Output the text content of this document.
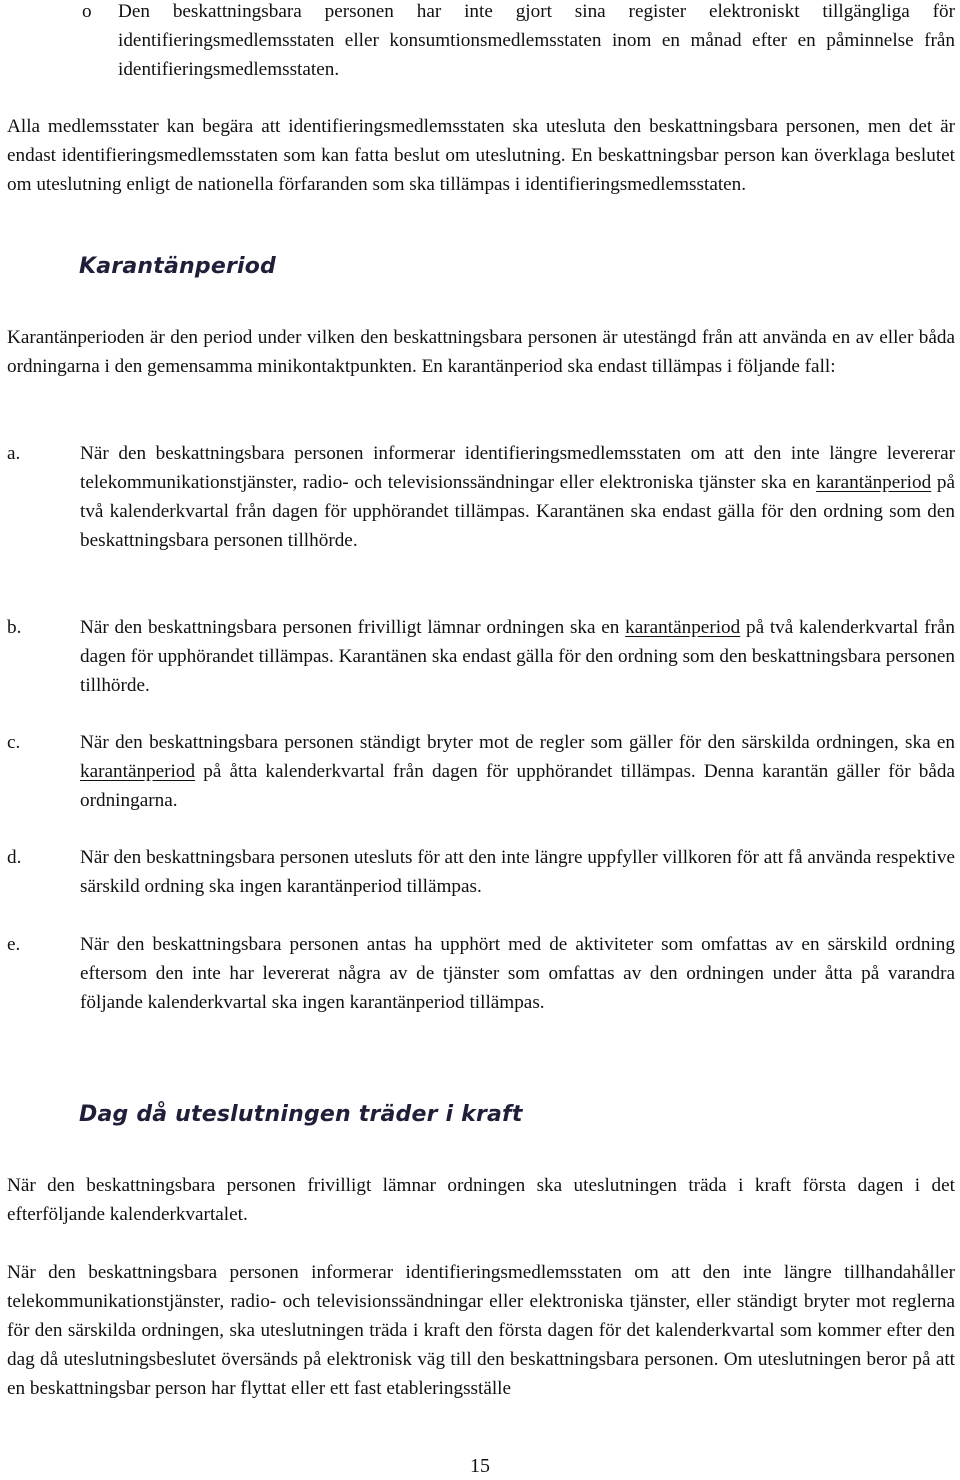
o Den beskattningsbara personen har inte gjort sina register elektroniskt tillgängliga för identifieringsmedlemsstaten eller konsumtionsmedlemsstaten inom en månad efter en påminnelse från identifieringsmedlemsstaten.

Alla medlemsstater kan begära att identifieringsmedlemsstaten ska utesluta den beskattningsbara personen, men det är endast identifieringsmedlemsstaten som kan fatta beslut om uteslutning. En beskattningsbar person kan överklaga beslutet om uteslutning enligt de nationella förfaranden som ska tillämpas i identifieringsmedlemsstaten.

Karantänperiod

Karantänperioden är den period under vilken den beskattningsbara personen är utestängd från att använda en av eller båda ordningarna i den gemensamma minikontaktpunkten. En karantänperiod ska endast tillämpas i följande fall:

a.	När den beskattningsbara personen informerar identifieringsmedlemsstaten om att den inte längre levererar telekommunikationstjänster, radio- och televisionssändningar eller elektroniska tjänster ska en karantänperiod på två kalenderkvartal från dagen för upphörandet tillämpas. Karantänen ska endast gälla för den ordning som den beskattningsbara personen tillhörde.
b.	När den beskattningsbara personen frivilligt lämnar ordningen ska en karantänperiod på två kalenderkvartal från dagen för upphörandet tillämpas. Karantänen ska endast gälla för den ordning som den beskattningsbara personen tillhörde.
c.	När den beskattningsbara personen ständigt bryter mot de regler som gäller för den särskilda ordningen, ska en karantänperiod på åtta kalenderkvartal från dagen för upphörandet tillämpas. Denna karantän gäller för båda ordningarna.
d.	När den beskattningsbara personen utesluts för att den inte längre uppfyller villkoren för att få använda respektive särskild ordning ska ingen karantänperiod tillämpas.
e.	När den beskattningsbara personen antas ha upphört med de aktiviteter som omfattas av en särskild ordning eftersom den inte har levererat några av de tjänster som omfattas av den ordningen under åtta på varandra följande kalenderkvartal ska ingen karantänperiod tillämpas.
Dag då uteslutningen träder i kraft

När den beskattningsbara personen frivilligt lämnar ordningen ska uteslutningen träda i kraft första dagen i det efterföljande kalenderkvartalet.

När den beskattningsbara personen informerar identifieringsmedlemsstaten om att den inte längre tillhandahåller telekommunikationstjänster, radio- och televisionssändningar eller elektroniska tjänster, eller ständigt bryter mot reglerna för den särskilda ordningen, ska uteslutningen träda i kraft den första dagen för det kalenderkvartal som kommer efter den dag då uteslutningsbeslutet översänds på elektronisk väg till den beskattningsbara personen. Om uteslutningen beror på att en beskattningsbar person har flyttat eller ett fast etableringsställe

15
